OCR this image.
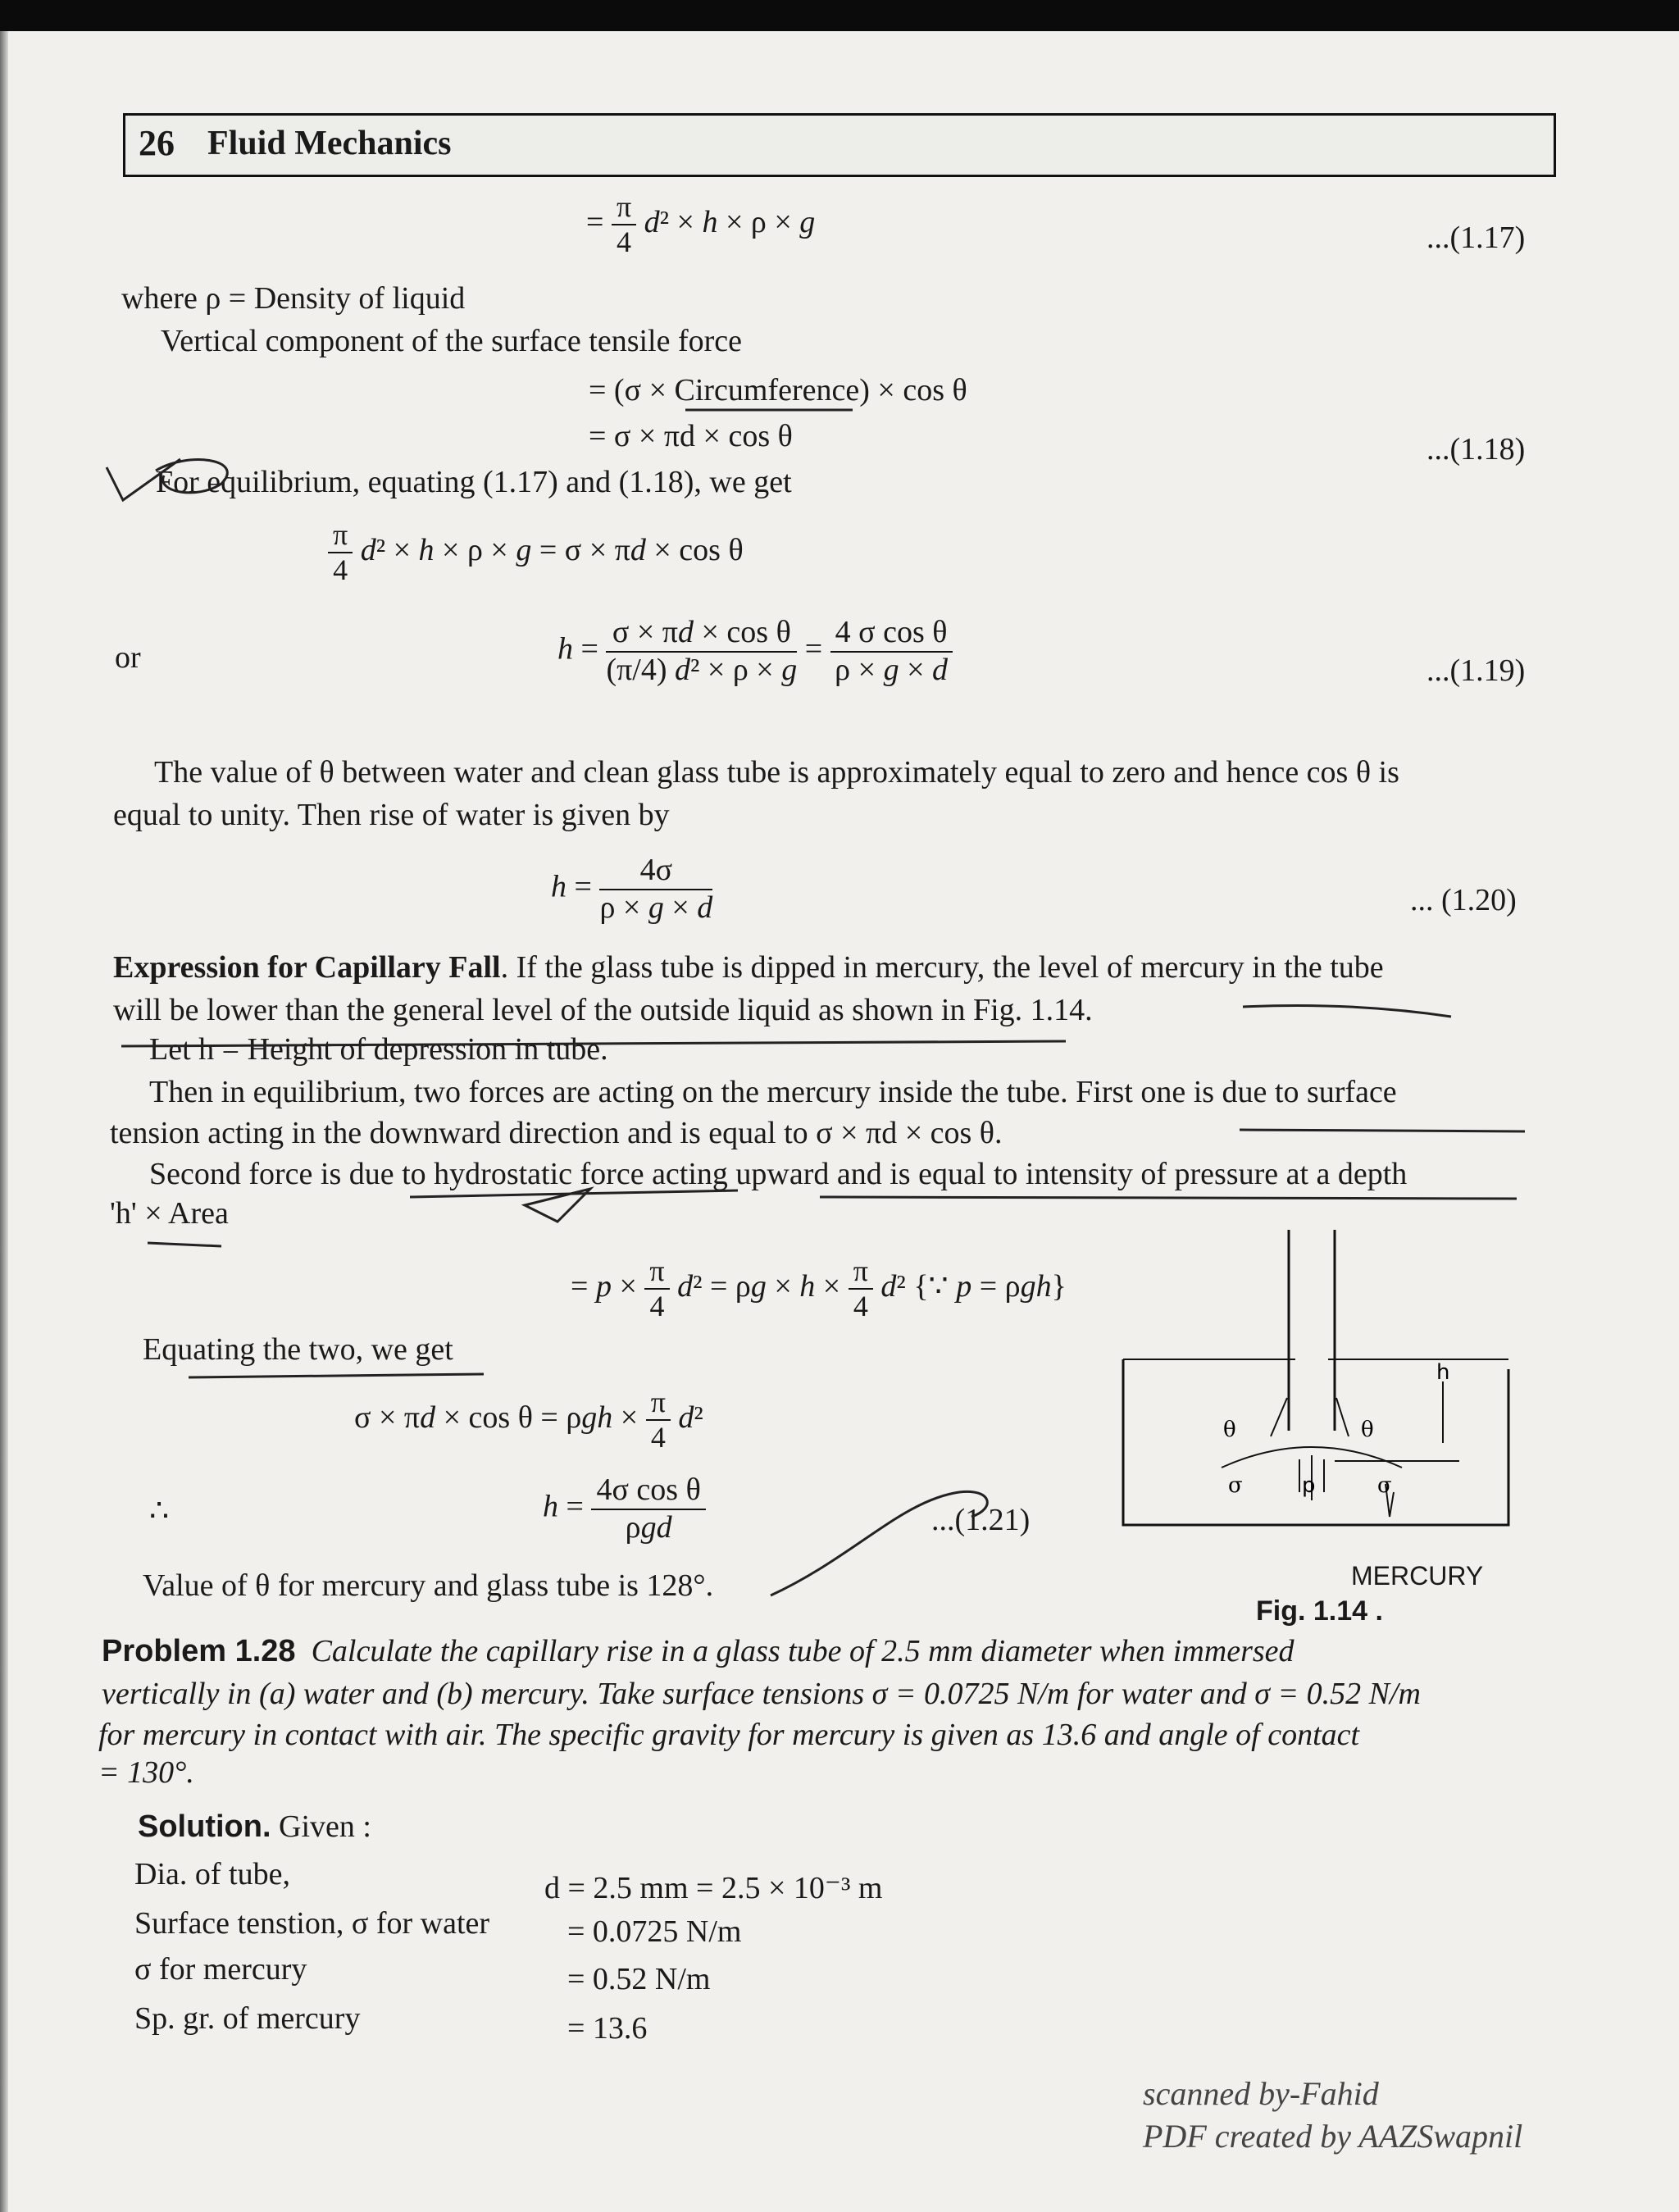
26 Fluid Mechanics
= $\frac{\pi}{4} d^2 \times h \times \rho \times g$	...(1.17)
where ρ = Density of liquid
Vertical component of the surface tensile force
= (σ × Circumference) × cos θ
= σ × πd × cos θ	...(1.18)
For equilibrium, equating (1.17) and (1.18), we get
$\frac{\pi}{4} d^2 \times h \times \rho \times g = \sigma \times \pi d \times \cos \theta$
or	$h = \frac{\text{σ × πd × cos θ}}{\text{(π/4) d² × ρ × g}} = \frac{\text{4 σ cos θ}}{\rho \times g \times d}$	...(1.19)
The value of θ between water and clean glass tube is approximately equal to zero and hence cos θ is
equal to unity. Then rise of water is given by
$h = \frac{4\sigma}{\rho \times g \times d}$	... (1.20)
Expression for Capillary Fall. If the glass tube is dipped in mercury, the level of mercury in the tube
will be lower than the general level of the outside liquid as shown in Fig. 1.14.
Let h = Height of depression in tube.
Then in equilibrium, two forces are acting on the mercury inside the tube. First one is due to surface
tension acting in the downward direction and is equal to σ × πd × cos θ.
Second force is due to hydrostatic force acting upward and is equal to intensity of pressure at a depth
'h' × Area
= $p \times \frac{\pi}{4} d^2 = \rho g \times h \times \frac{\pi}{4} d^2$ {∵ p = ρgh}
Equating the two, we get
$\sigma \times \pi d \times \cos \theta = \rho gh \times \frac{\pi}{4} d^2$
∴	$h = \frac{\text{4σ cos θ}}{\text{ρgd}}$	...(1.21)
Value of θ for mercury and glass tube is 128°.
θ	θ
h
σ	σ
p
MERCURY
Fig. 1.14 .
Problem 1.28 Calculate the capillary rise in a glass tube of 2.5 mm diameter when immersed
vertically in (a) water and (b) mercury. Take surface tensions σ = 0.0725 N/m for water and σ = 0.52 N/m
for mercury in contact with air. The specific gravity for mercury is given as 13.6 and angle of contact
= 130°.
Solution. Given :
Dia. of tube,	d = 2.5 mm = 2.5 × 10⁻³ m
Surface tenstion, σ for water = 0.0725 N/m
σ for mercury	= 0.52 N/m
Sp. gr. of mercury	= 13.6
scanned by-Fahid
PDF created by AAZSwapnil
